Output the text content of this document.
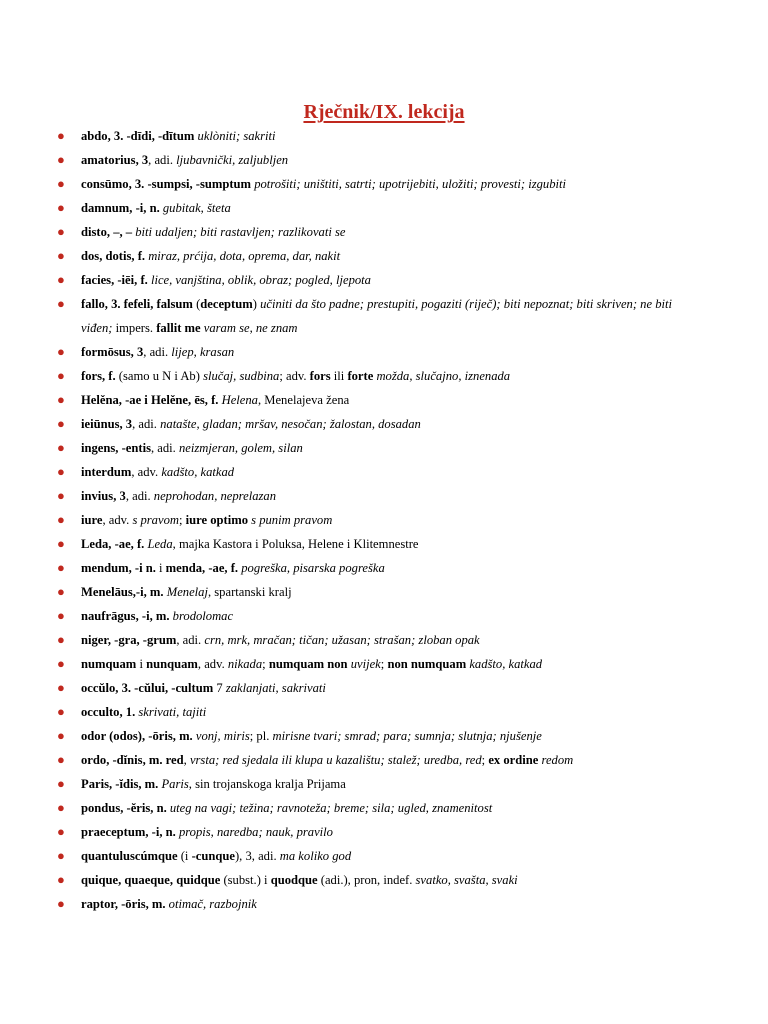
Rječnik/IX. lekcija
● abdo, 3. -dīdi, -dītum uklòniti; sakriti
● amatorius, 3, adi. ljubavnički, zaljubljen
● consūmo, 3. -sumpsi, -sumptum potrošiti; uništiti, satrti; upotrijebiti, uložiti; provesti; izgubiti
● damnum, -i, n. gubitak, šteta
● disto, –, – biti udaljen; biti rastavljen; razlikovati se
● dos, dotis, f. miraz, prćija, dota, oprema, dar, nakit
● facies, -iēi, f. lice, vanjština, oblik, obraz; pogled, ljepota
● fallo, 3. fefeli, falsum (deceptum) učiniti da što padne; prestupiti, pogaziti (riječ); biti nepoznat; biti skriven; ne biti viđen; impers. fallit me varam se, ne znam
● formōsus, 3, adi. lijep, krasan
● fors, f. (samo u N i Ab) slučaj, sudbina; adv. fors ili forte možda, slučajno, iznenada
● Helěna, -ae i Helěne, ēs, f. Helena, Menelajeva žena
● ieiūnus, 3, adi. natašte, gladan; mršav, nesočan; žalostan, dosadan
● ingens, -entis, adi. neizmjeran, golem, silan
● interdum, adv. kadšto, katkad
● invius, 3, adi. neprohodan, neprelazan
● iure, adv. s pravom; iure optimo s punim pravom
● Leda, -ae, f. Leda, majka Kastora i Poluksa, Helene i Klitemnestre
● mendum, -i n. i menda, -ae, f. pogreška, pisarska pogreška
● Menelāus,-i, m. Menelaj, spartanski kralj
● naufrāgus, -i, m. brodolomac
● niger, -gra, -grum, adi. crn, mrk, mračan; tičan; užasan; strašan; zloban opak
● numquam i nunquam, adv. nikada; numquam non uvijek; non numquam kadšto, katkad
● occŭlo, 3. -cŭlui, -cultum 7 zaklanjati, sakrivati
● occulto, 1. skrivati, tajiti
● odor (odos), -ōris, m. vonj, miris; pl. mirisne tvari; smrad; para; sumnja; slutnja; njušenje
● ordo, -dĭnis, m. red, vrsta; red sjedala ili klupa u kazalištu; stalež; uredba, red; ex ordine redom
● Paris, -ĭdis, m. Paris, sin trojanskoga kralja Prijama
● pondus, -ĕris, n. uteg na vagi; težina; ravnoteža; breme; sila; ugled, znamenitost
● praeceptum, -i, n. propis, naredba; nauk, pravilo
● quantuluscúmque (i -cunque), 3, adi. ma koliko god
● quique, quaeque, quidque (subst.) i quodque (adi.), pron, indef. svatko, svašta, svaki
● raptor, -ōris, m. otimač, razbojnik
